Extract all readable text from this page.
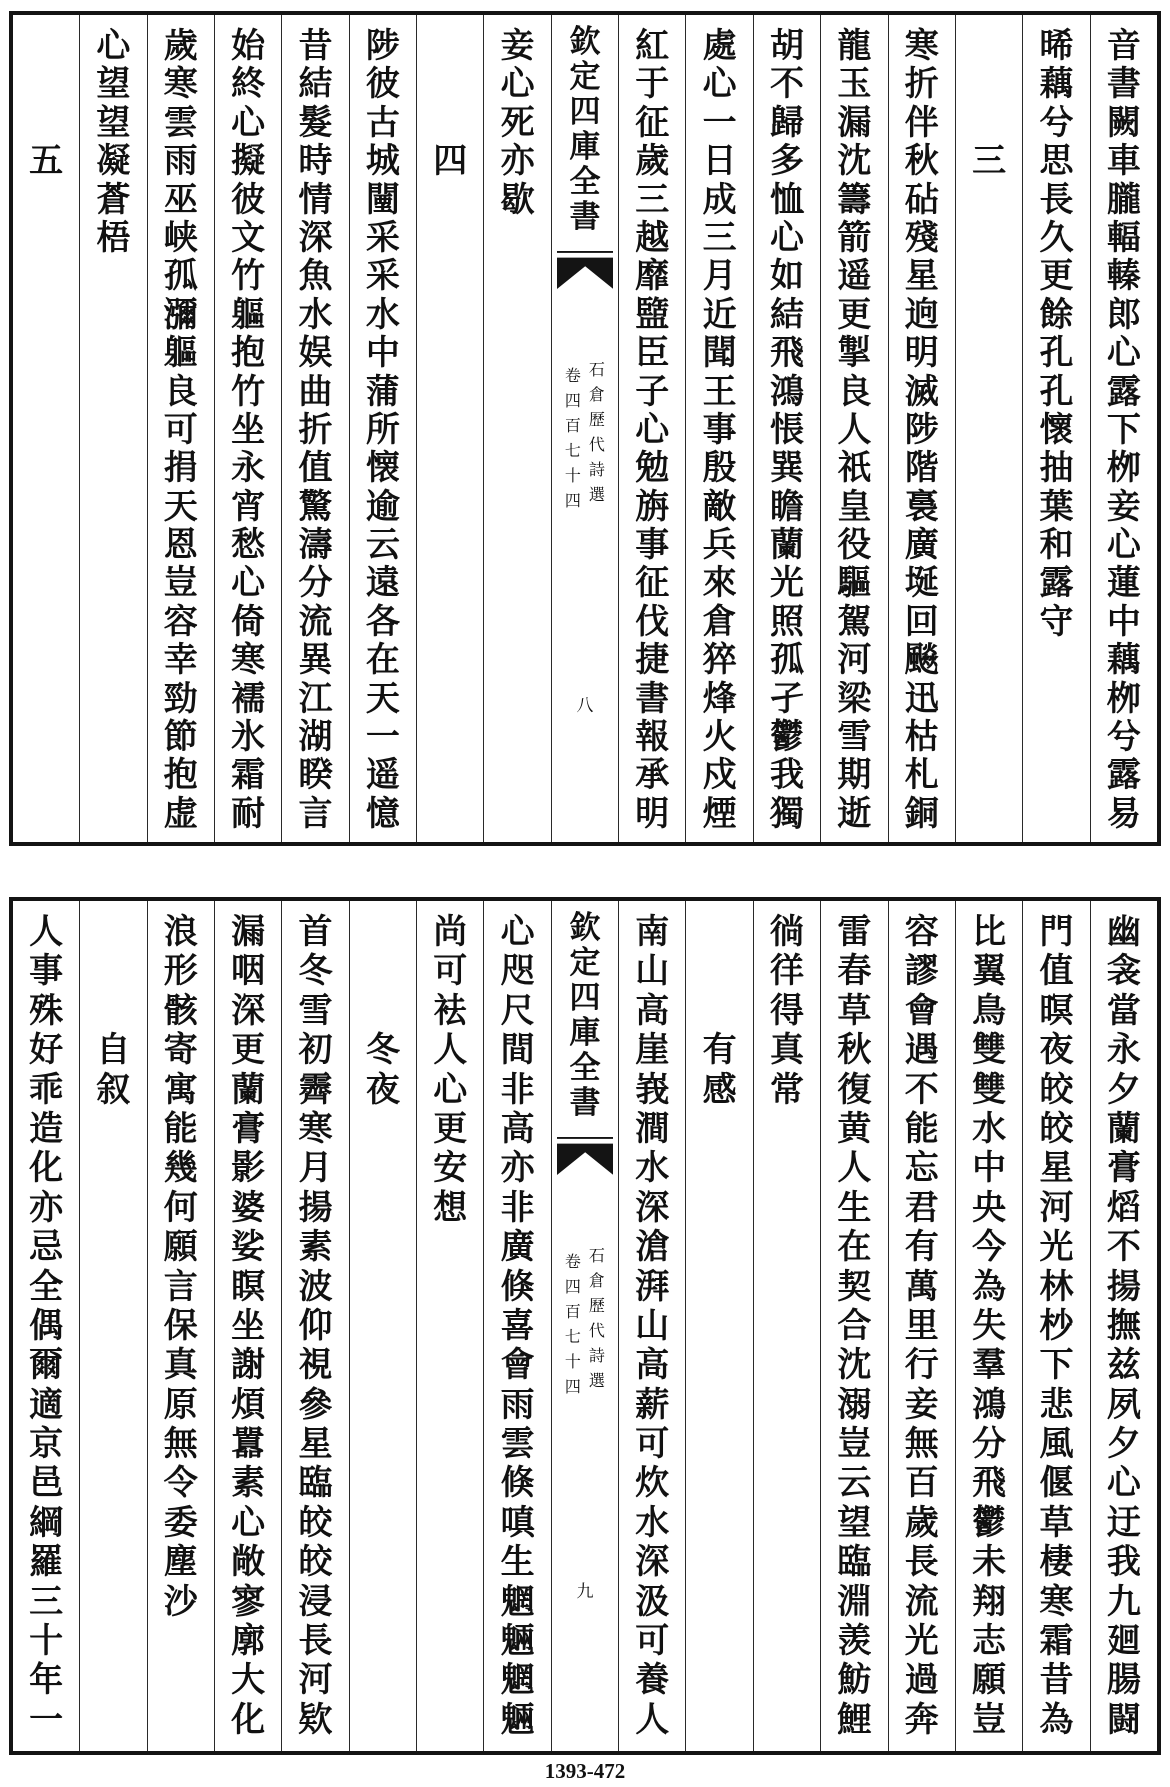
音
書
闕
車
朧
輻
轃
郎
心
露
下
栁
妾
心
蓮
中
藕
栁
兮
露
易
晞
藕
兮
思
長
久
更
餘
孔
孔
懷
抽
葉
和
露
守
三
寒
折
伴
秋
砧
殘
星
逈
明
滅
陟
階
裛
廣
埏
回
飈
迅
枯
札
銅
龍
玉
漏
沈
籌
箭
遥
更
掣
良
人
祇
皇
役
驅
駕
河
梁
雪
期
逝
胡
不
歸
多
恤
心
如
結
飛
鴻
悵
巽
瞻
蘭
光
照
孤
孑
鬱
我
獨
處
心
一
日
成
三
月
近
聞
王
事
殷
敵
兵
來
倉
猝
烽
火
戍
煙
紅
于
征
歲
三
越
靡
盬
臣
子
心
勉
旃
事
征
伐
捷
書
報
承
明
欽
定
四
庫
全
書
石
倉
歷
代
詩
選
卷
四
百
七
十
四
八
妾
心
死
亦
歇
四
陟
彼
古
城
闉
采
采
水
中
蒲
所
懐
逾
云
遠
各
在
天
一
遥
憶
昔
結
髮
時
情
深
魚
水
娱
曲
折
值
驚
濤
分
流
異
江
湖
睽
言
始
終
心
擬
彼
文
竹
軀
抱
竹
坐
永
宵
愁
心
倚
寒
襦
氷
霜
耐
歲
寒
雲
雨
巫
峡
孤
瀰
軀
良
可
捐
天
恩
豈
容
幸
勁
節
抱
虚
心
望
望
凝
蒼
梧
五
幽
衾
當
永
夕
蘭
膏
熖
不
揚
撫
兹
夙
夕
心
迂
我
九
廻
腸
闘
門
值
暝
夜
皎
皎
星
河
光
林
杪
下
悲
風
偃
草
棲
寒
霜
昔
為
比
翼
鳥
雙
雙
水
中
央
今
為
失
羣
鴻
分
飛
鬱
未
翔
志
願
豈
容
謬
會
遇
不
能
忘
君
有
萬
里
行
妾
無
百
歲
長
流
光
過
奔
雷
春
草
秋
復
黄
人
生
在
契
合
沈
溺
豈
云
望
臨
淵
羡
魴
鯉
徜
徉
得
真
常
有
感
南
山
高
崖
峩
澗
水
深
滄
湃
山
高
薪
可
炊
水
深
汲
可
養
人
欽
定
四
庫
全
書
石
倉
歷
代
詩
選
卷
四
百
七
十
四
九
心
咫
尺
間
非
高
亦
非
廣
倏
喜
會
雨
雲
倏
嗔
生
魍
魎
魍
魎
尚
可
袪
人
心
更
安
想
冬
夜
首
冬
雪
初
霽
寒
月
揚
素
波
仰
視
參
星
臨
皎
皎
浸
長
河
欵
漏
咽
深
更
蘭
膏
影
婆
娑
瞑
坐
謝
煩
囂
素
心
敞
寥
廓
大
化
浪
形
骸
寄
寓
能
幾
何
願
言
保
真
原
無
令
委
塵
沙
自
叙
人
事
殊
好
乖
造
化
亦
忌
全
偶
爾
適
京
邑
綱
羅
三
十
年
一
1393-472
